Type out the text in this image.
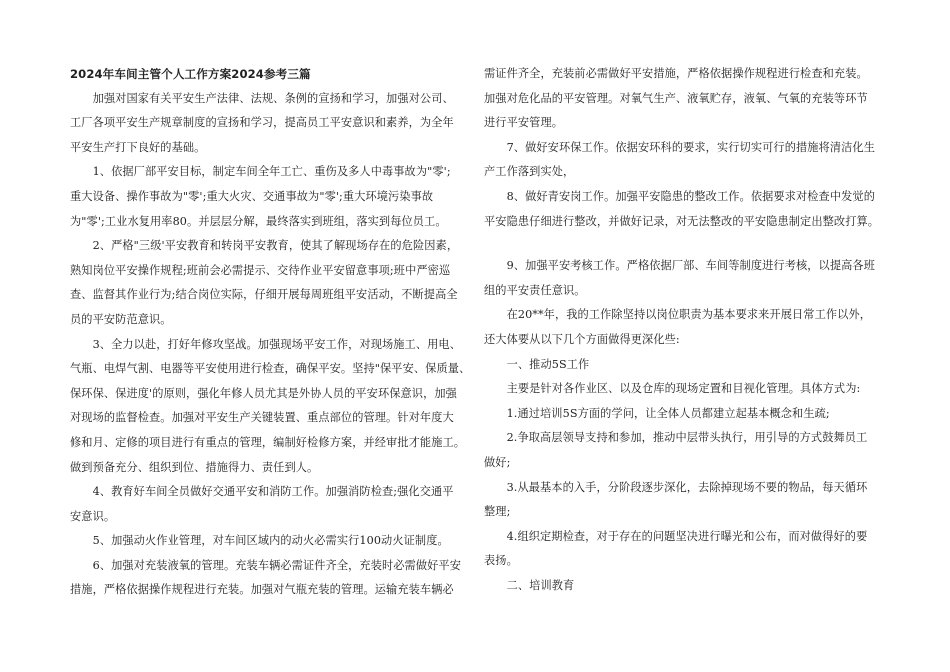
2024年车间主管个人工作方案2024参考三篇
　　加强对国家有关平安生产法律、法规、条例的宣扬和学习，加强对公司、
工厂各项平安生产规章制度的宣扬和学习，提高员工平安意识和素养，为全年
平安生产打下良好的基础。
　　1、依据厂部平安目标，制定车间全年工亡、重伤及多人中毒事故为"零';
重大设备、操作事故为"零';重大火灾、交通事故为"零';重大环境污染事故
为"零';工业水复用率80。并层层分解，最终落实到班组，落实到每位员工。
　　2、严格"三级'平安教育和转岗平安教育，使其了解现场存在的危险因素，
熟知岗位平安操作规程;班前会必需提示、交待作业平安留意事项;班中严密巡
查、监督其作业行为;结合岗位实际，仔细开展每周班组平安活动，不断提高全
员的平安防范意识。
　　3、全力以赴，打好年修攻坚战。加强现场平安工作，对现场施工、用电、
气瓶、电焊气割、电器等平安使用进行检查，确保平安。坚持"保平安、保质量、
保环保、保进度'的原则，强化年修人员尤其是外协人员的平安环保意识，加强
对现场的监督检查。加强对平安生产关键装置、重点部位的管理。针对年度大
修和月、定修的项目进行有重点的管理，编制好检修方案，并经审批才能施工。
做到预备充分、组织到位、措施得力、责任到人。
　　4、教育好车间全员做好交通平安和消防工作。加强消防检查;强化交通平
安意识。
　　5、加强动火作业管理，对车间区域内的动火必需实行100动火证制度。
　　6、加强对充装液氧的管理。充装车辆必需证件齐全，充装时必需做好平安
措施，严格依据操作规程进行充装。加强对气瓶充装的管理。运输充装车辆必
需证件齐全，充装前必需做好平安措施，严格依据操作规程进行检查和充装。
加强对危化品的平安管理。对氧气生产、液氧贮存，液氧、气氧的充装等环节
进行平安管理。
　　7、做好安环保工作。依据安环科的要求，实行切实可行的措施将清洁化生
产工作落到实处，
　　8、做好青安岗工作。加强平安隐患的整改工作。依据要求对检查中发觉的
平安隐患仔细进行整改，并做好记录，对无法整改的平安隐患制定出整改打算。
　　9、加强平安考核工作。严格依据厂部、车间等制度进行考核，以提高各班
组的平安责任意识。
　　在20**年，我的工作除坚持以岗位职责为基本要求来开展日常工作以外，
还大体要从以下几个方面做得更深化些:
　　一、推动5S工作
　　主要是针对各作业区、以及仓库的现场定置和目视化管理。具体方式为:
　　1.通过培训5S方面的学问，让全体人员都建立起基本概念和生疏;
　　2.争取高层领导支持和参加，推动中层带头执行，用引导的方式鼓舞员工
做好;
　　3.从最基本的入手，分阶段逐步深化，去除掉现场不要的物品，每天循环
整理;
　　4.组织定期检查，对于存在的问题坚决进行曝光和公布，而对做得好的要
表扬。
　　二、培训教育
